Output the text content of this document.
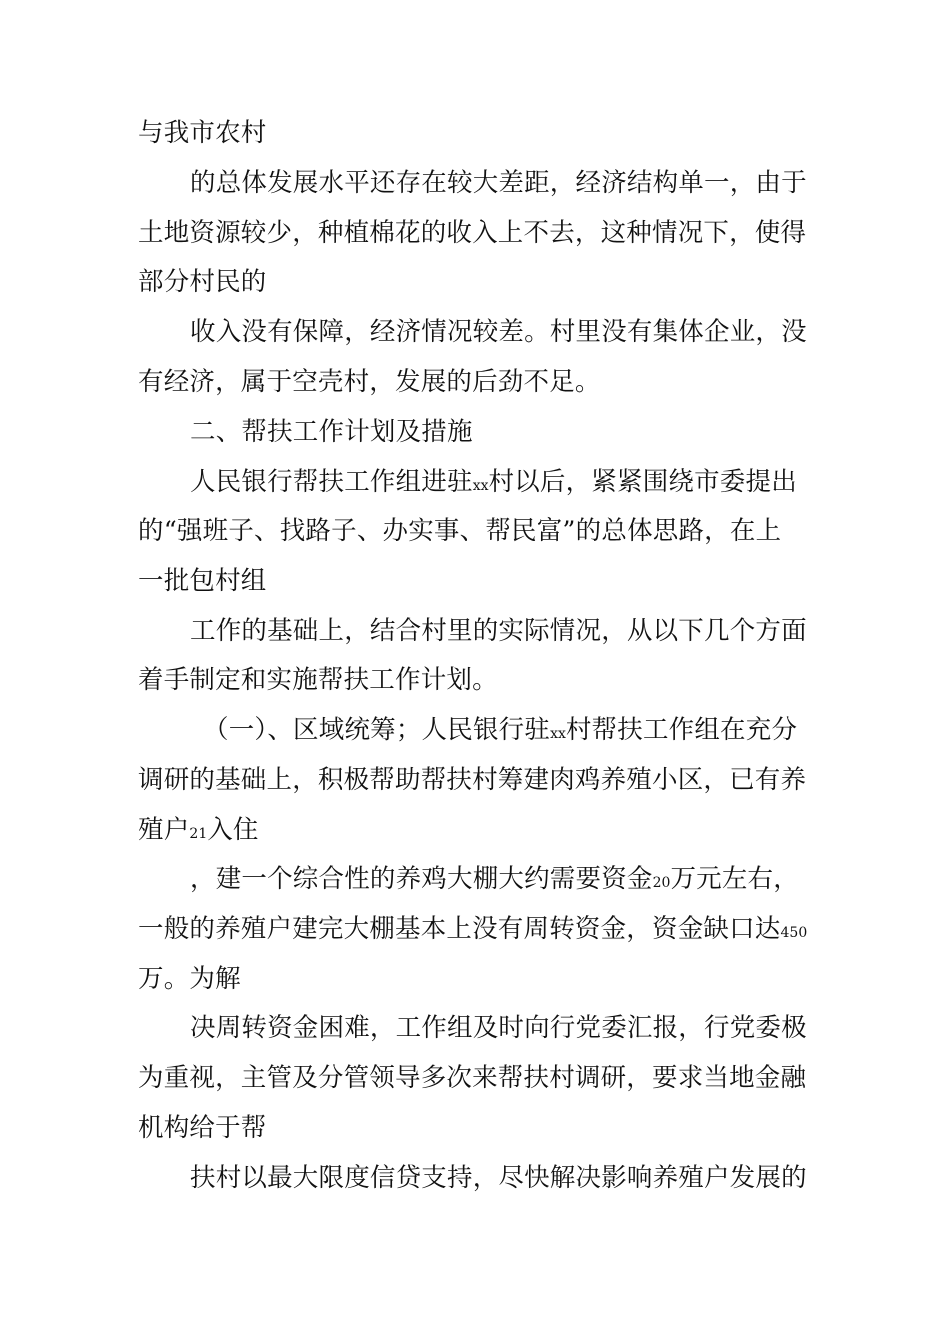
与我市农村
的总体发展水平还存在较大差距，经济结构单一，由于
土地资源较少，种植棉花的收入上不去，这种情况下，使得
部分村民的
收入没有保障，经济情况较差。村里没有集体企业，没
有经济，属于空壳村，发展的后劲不足。
二、帮扶工作计划及措施
人民银行帮扶工作组进驻xx村以后，紧紧围绕市委提出
的“强班子、找路子、办实事、帮民富”的总体思路，在上
一批包村组
工作的基础上，结合村里的实际情况，从以下几个方面
着手制定和实施帮扶工作计划。
（一）、区域统筹；人民银行驻xx村帮扶工作组在充分
调研的基础上，积极帮助帮扶村筹建肉鸡养殖小区，已有养
殖户21入住
，建一个综合性的养鸡大棚大约需要资金20万元左右，
一般的养殖户建完大棚基本上没有周转资金，资金缺口达450
万。为解
决周转资金困难，工作组及时向行党委汇报，行党委极
为重视，主管及分管领导多次来帮扶村调研，要求当地金融
机构给于帮
扶村以最大限度信贷支持，尽快解决影响养殖户发展的
